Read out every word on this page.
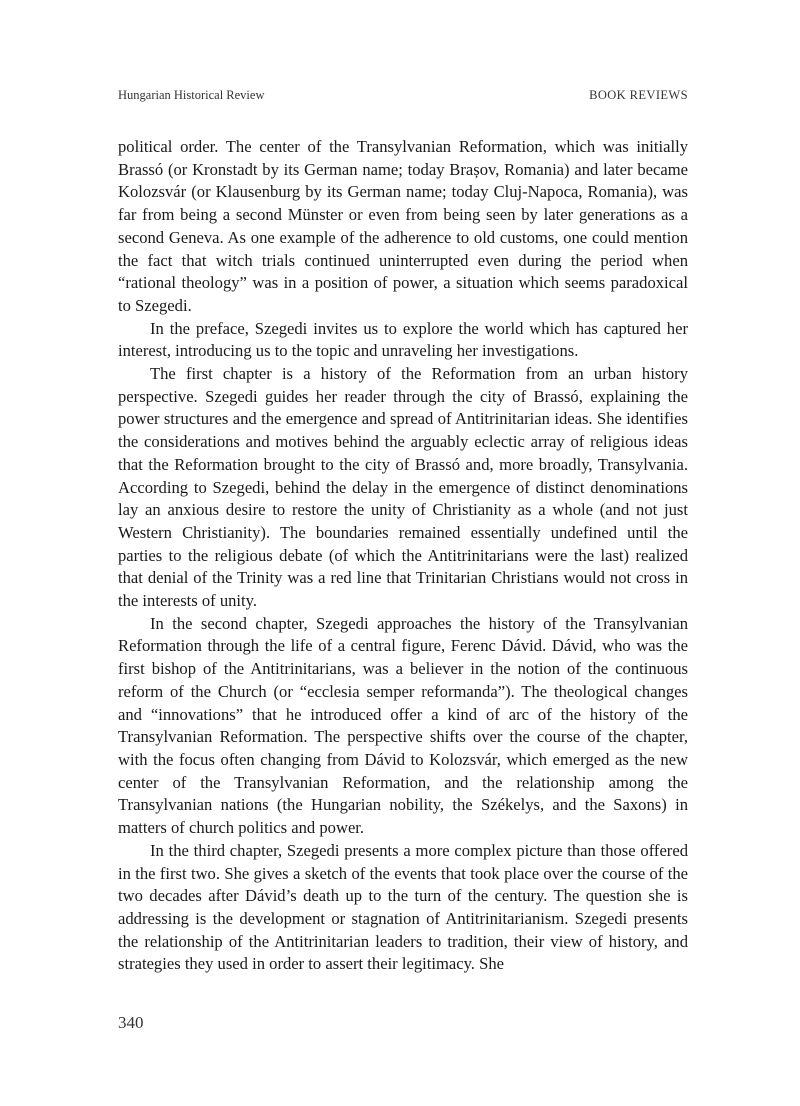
Hungarian Historical Review	BOOK REVIEWS

political order. The center of the Transylvanian Reformation, which was initially Brassó (or Kronstadt by its German name; today Brașov, Romania) and later became Kolozsvár (or Klausenburg by its German name; today Cluj-Napoca, Romania), was far from being a second Münster or even from being seen by later generations as a second Geneva. As one example of the adherence to old customs, one could mention the fact that witch trials continued uninterrupted even during the period when “rational theology” was in a position of power, a situation which seems paradoxical to Szegedi.

In the preface, Szegedi invites us to explore the world which has captured her interest, introducing us to the topic and unraveling her investigations.

The first chapter is a history of the Reformation from an urban history perspective. Szegedi guides her reader through the city of Brassó, explaining the power structures and the emergence and spread of Antitrinitarian ideas. She identifies the considerations and motives behind the arguably eclectic array of religious ideas that the Reformation brought to the city of Brassó and, more broadly, Transylvania. According to Szegedi, behind the delay in the emergence of distinct denominations lay an anxious desire to restore the unity of Christianity as a whole (and not just Western Christianity). The boundaries remained essentially undefined until the parties to the religious debate (of which the Antitrinitarians were the last) realized that denial of the Trinity was a red line that Trinitarian Christians would not cross in the interests of unity.

In the second chapter, Szegedi approaches the history of the Transylvanian Reformation through the life of a central figure, Ferenc Dávid. Dávid, who was the first bishop of the Antitrinitarians, was a believer in the notion of the continuous reform of the Church (or “ecclesia semper reformanda”). The theological changes and “innovations” that he introduced offer a kind of arc of the history of the Transylvanian Reformation. The perspective shifts over the course of the chapter, with the focus often changing from Dávid to Kolozsvár, which emerged as the new center of the Transylvanian Reformation, and the relationship among the Transylvanian nations (the Hungarian nobility, the Székelys, and the Saxons) in matters of church politics and power.

In the third chapter, Szegedi presents a more complex picture than those offered in the first two. She gives a sketch of the events that took place over the course of the two decades after Dávid’s death up to the turn of the century. The question she is addressing is the development or stagnation of Antitrinitarianism. Szegedi presents the relationship of the Antitrinitarian leaders to tradition, their view of history, and strategies they used in order to assert their legitimacy. She

340
